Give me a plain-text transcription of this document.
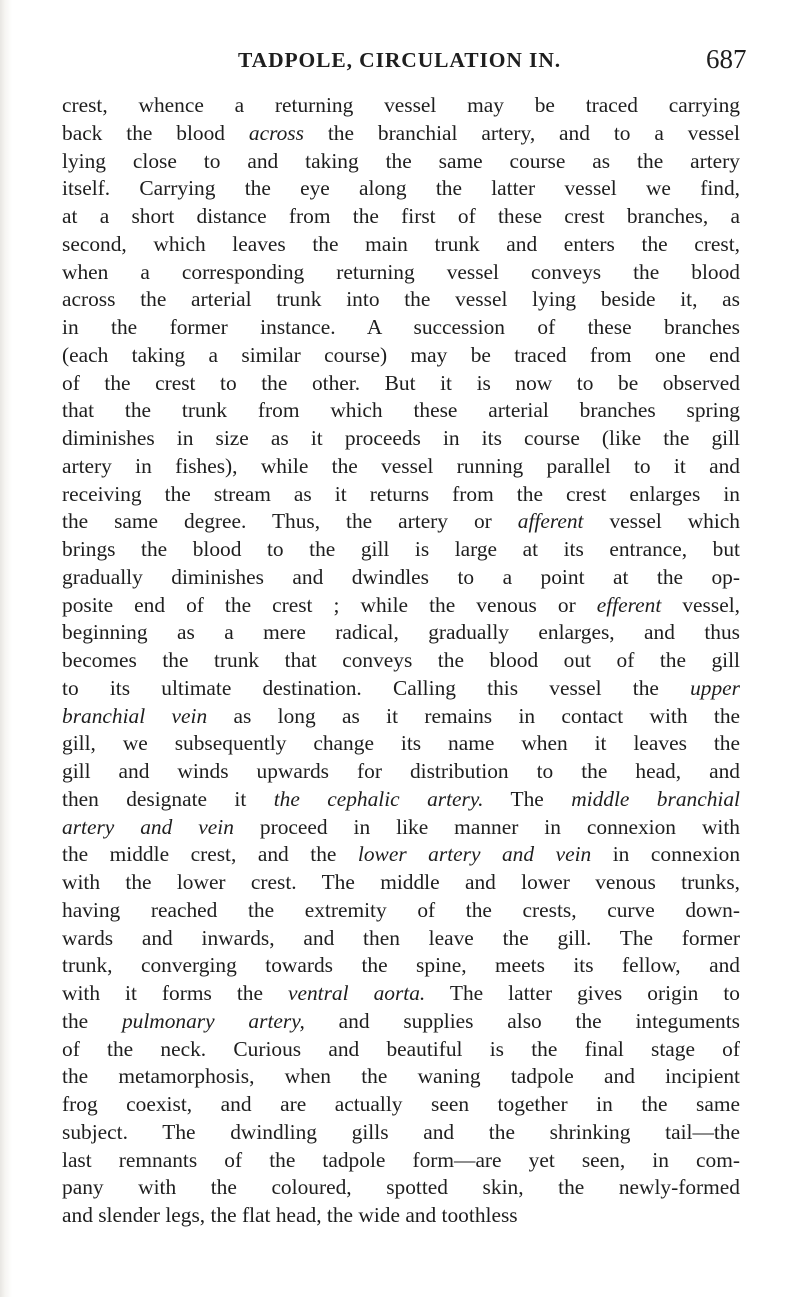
TADPOLE, CIRCULATION IN.	687
crest, whence a returning vessel may be traced carrying
back the blood across the branchial artery, and to a vessel
lying close to and taking the same course as the artery
itself. Carrying the eye along the latter vessel we find,
at a short distance from the first of these crest branches, a
second, which leaves the main trunk and enters the crest,
when a corresponding returning vessel conveys the blood
across the arterial trunk into the vessel lying beside it, as
in the former instance. A succession of these branches
(each taking a similar course) may be traced from one end
of the crest to the other. But it is now to be observed
that the trunk from which these arterial branches spring
diminishes in size as it proceeds in its course (like the gill
artery in fishes), while the vessel running parallel to it and
receiving the stream as it returns from the crest enlarges in
the same degree. Thus, the artery or afferent vessel which
brings the blood to the gill is large at its entrance, but
gradually diminishes and dwindles to a point at the op-
posite end of the crest ; while the venous or efferent vessel,
beginning as a mere radical, gradually enlarges, and thus
becomes the trunk that conveys the blood out of the gill
to its ultimate destination. Calling this vessel the upper
branchial vein as long as it remains in contact with the
gill, we subsequently change its name when it leaves the
gill and winds upwards for distribution to the head, and
then designate it the cephalic artery. The middle branchial
artery and vein proceed in like manner in connexion with
the middle crest, and the lower artery and vein in connexion
with the lower crest. The middle and lower venous trunks,
having reached the extremity of the crests, curve down-
wards and inwards, and then leave the gill. The former
trunk, converging towards the spine, meets its fellow, and
with it forms the ventral aorta. The latter gives origin to
the pulmonary artery, and supplies also the integuments
of the neck. Curious and beautiful is the final stage of
the metamorphosis, when the waning tadpole and incipient
frog coexist, and are actually seen together in the same
subject. The dwindling gills and the shrinking tail—the
last remnants of the tadpole form—are yet seen, in com-
pany with the coloured, spotted skin, the newly-formed
and slender legs, the flat head, the wide and toothless
